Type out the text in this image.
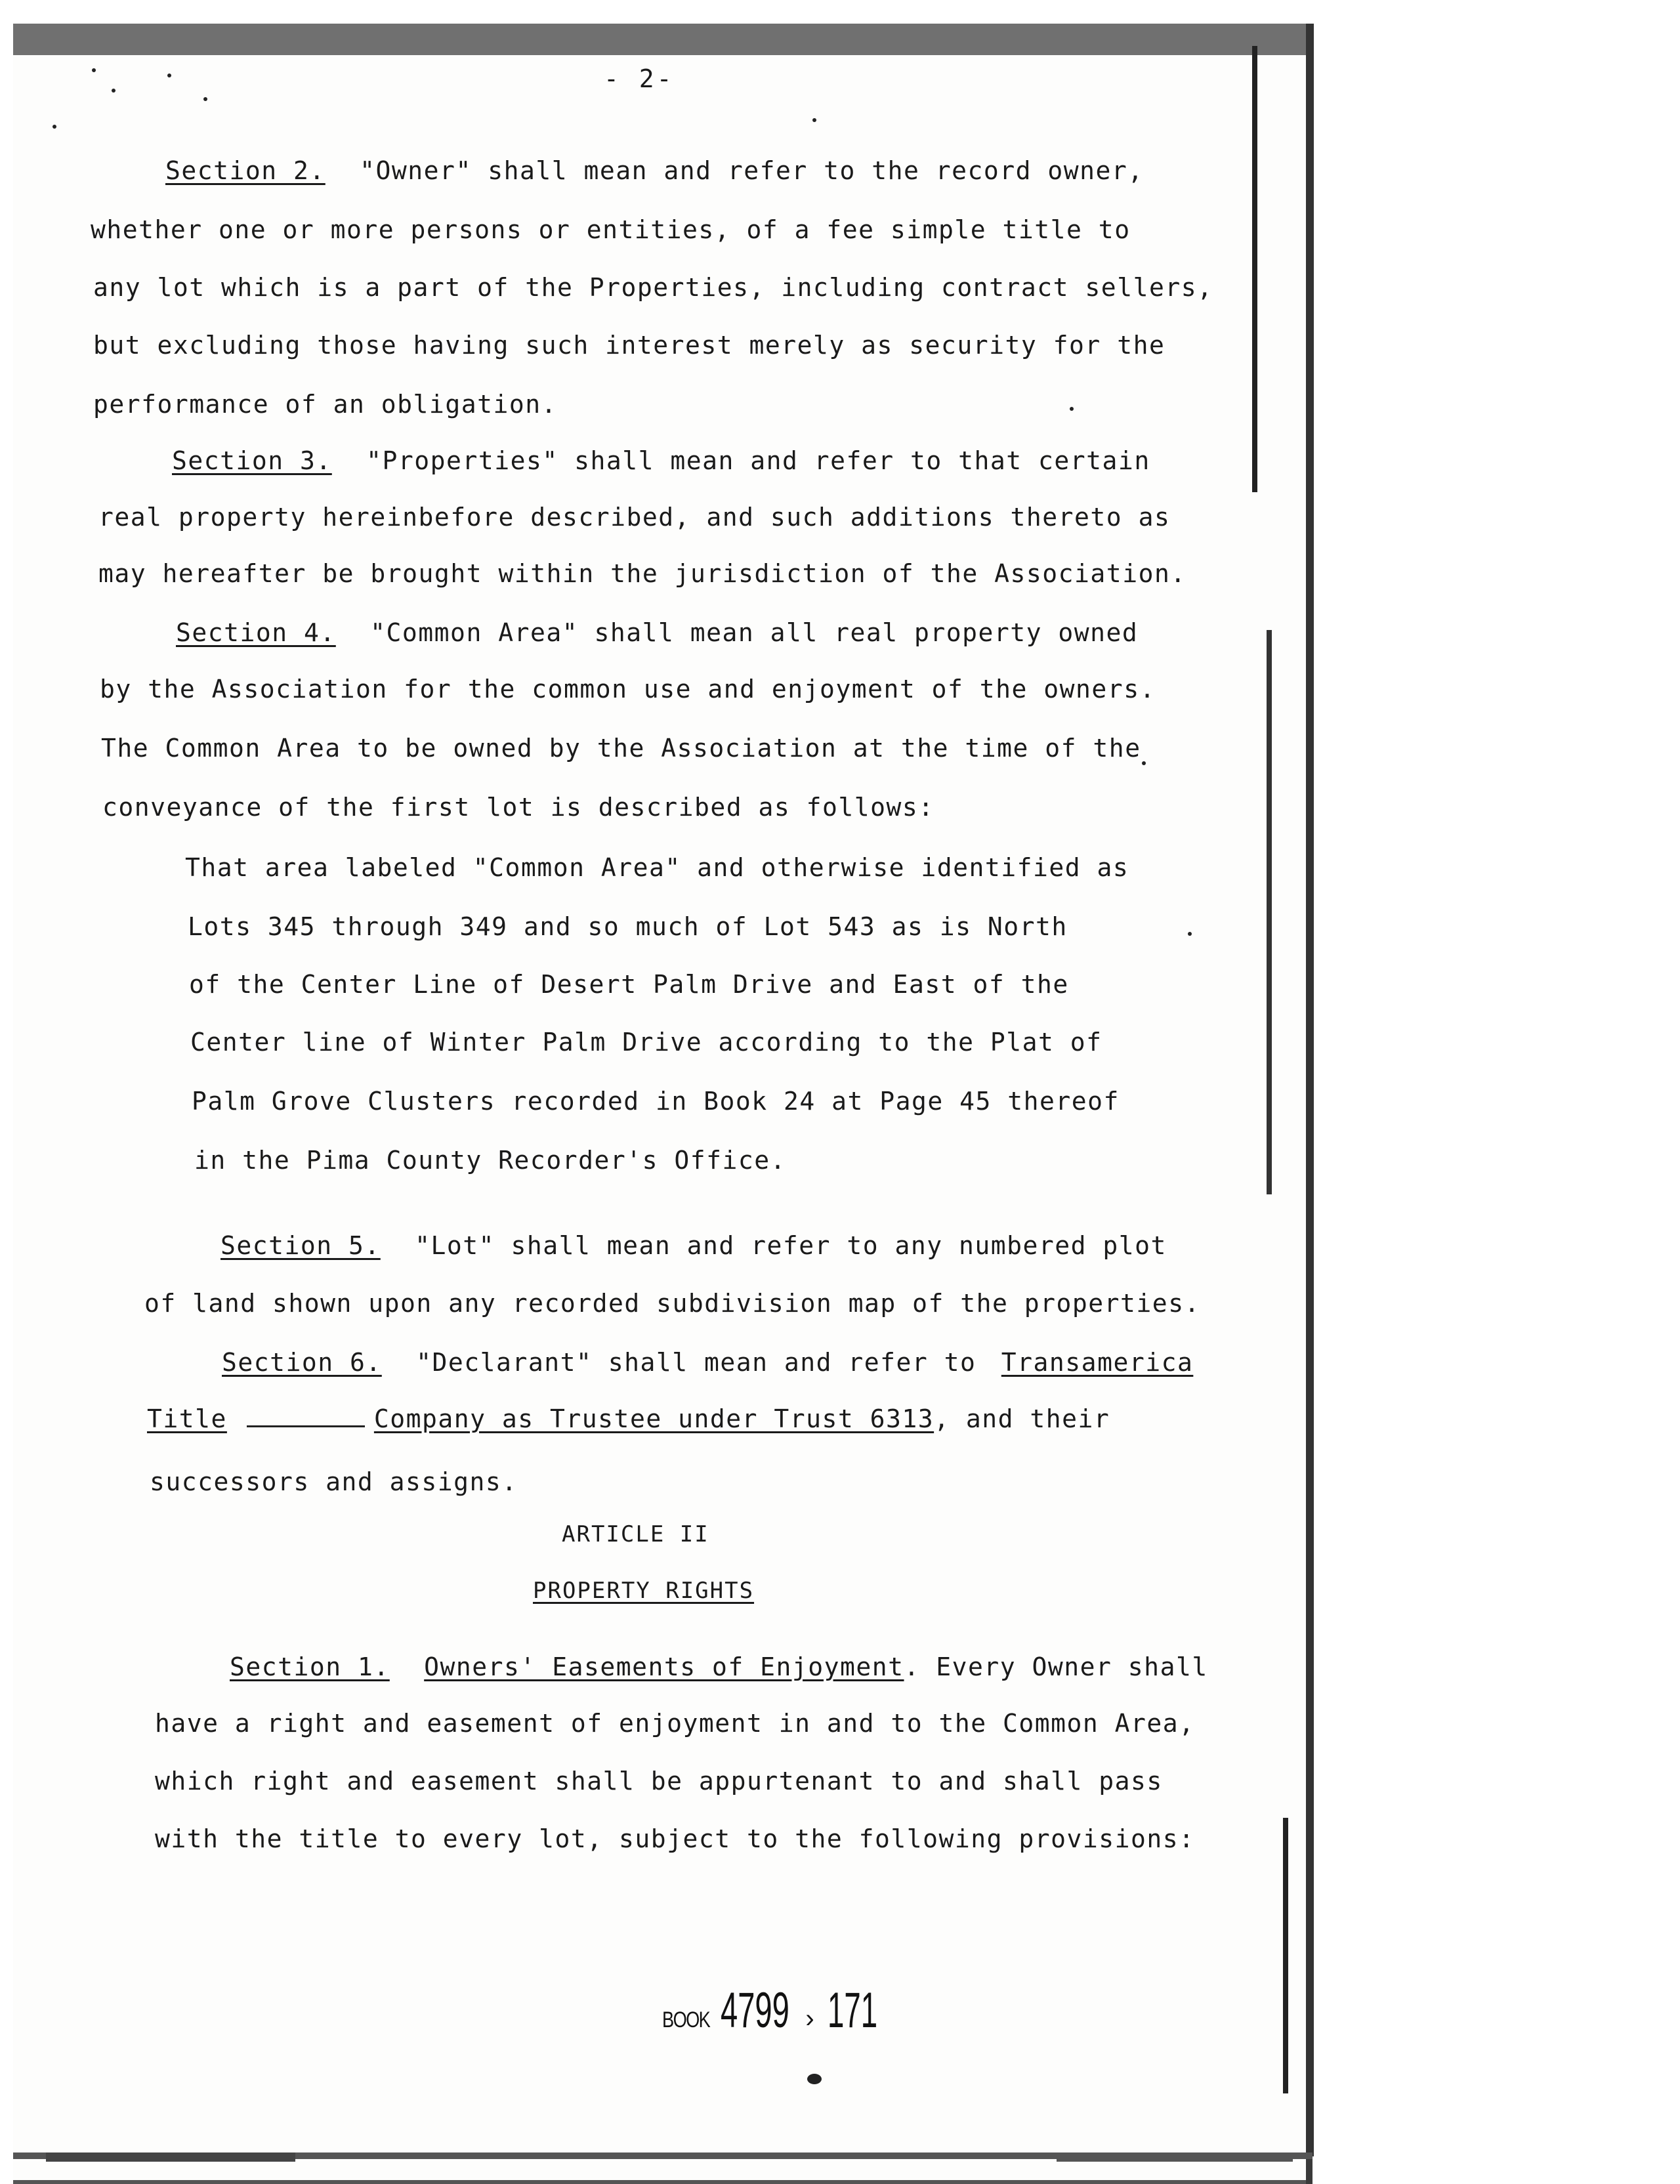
- 2-
Section 2. "Owner" shall mean and refer to the record owner,
whether one or more persons or entities, of a fee simple title to
any lot which is a part of the Properties, including contract sellers,
but excluding those having such interest merely as security for the
performance of an obligation.
Section 3. "Properties" shall mean and refer to that certain
real property hereinbefore described, and such additions thereto as
may hereafter be brought within the jurisdiction of the Association.
Section 4. "Common Area" shall mean all real property owned
by the Association for the common use and enjoyment of the owners.
The Common Area to be owned by the Association at the time of the
conveyance of the first lot is described as follows:
That area labeled "Common Area" and otherwise identified as
Lots 345 through 349 and so much of Lot 543 as is North
of the Center Line of Desert Palm Drive and East of the
Center line of Winter Palm Drive according to the Plat of
Palm Grove Clusters recorded in Book 24 at Page 45 thereof
in the Pima County Recorder's Office.
Section 5. "Lot" shall mean and refer to any numbered plot
of land shown upon any recorded subdivision map of the properties.
Section 6. "Declarant" shall mean and refer to Transamerica
Title	Company as Trustee under Trust 6313, and their
successors and assigns.
ARTICLE II
PROPERTY RIGHTS
Section 1. Owners' Easements of Enjoyment. Every Owner shall
have a right and easement of enjoyment in and to the Common Area,
which right and easement shall be appurtenant to and shall pass
with the title to every lot, subject to the following provisions:
BOOK 4799 › 171
